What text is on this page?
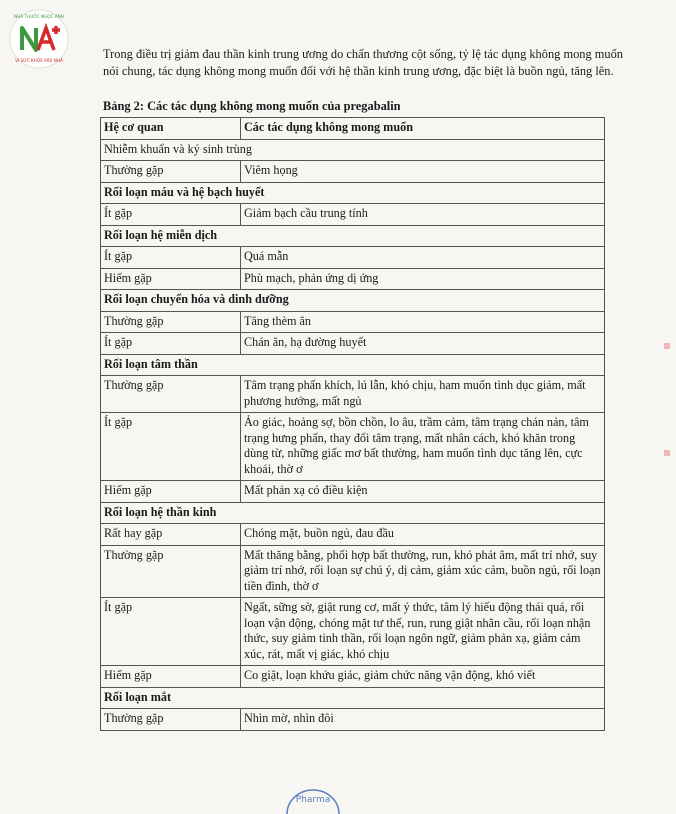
NHÀ THUỐC NGỌC ANH
VÌ SỨC KHỎE MỌI NHÀ	Trong điều trị giảm đau thần kinh trung ương do chấn thương cột sống, tỷ lệ tác dụng không mong muốn nói chung, tác dụng không mong muốn đối với hệ thần kinh trung ương, đặc biệt là buồn ngủ, tăng lên.
Bảng 2: Các tác dụng không mong muốn của pregabalin
Hệ cơ quan	Các tác dụng không mong muốn
Nhiễm khuẩn và ký sinh trùng	
Thường gặp	Viêm họng
Rối loạn máu và hệ bạch huyết	
Ít gặp	Giảm bạch cầu trung tính
Rối loạn hệ miễn dịch	
Ít gặp	Quá mẫn
Hiếm gặp	Phù mạch, phản ứng dị ứng
Rối loạn chuyển hóa và dinh dưỡng	
Thường gặp	Tăng thèm ăn
Ít gặp	Chán ăn, hạ đường huyết
Rối loạn tâm thần	
Thường gặp	Tâm trạng phấn khích, lú lẫn, khó chịu, ham muốn tình dục giảm, mất phương hướng, mất ngủ
Ít gặp	Ảo giác, hoảng sợ, bồn chồn, lo âu, trầm cảm, tâm trạng chán nản, tâm trạng hưng phấn, thay đổi tâm trạng, mất nhân cách, khó khăn trong dùng từ, những giấc mơ bất thường, ham muốn tình dục tăng lên, cực khoái, thờ ơ
Hiếm gặp	Mất phản xạ có điều kiện
Rối loạn hệ thần kinh	
Rất hay gặp	Chóng mặt, buồn ngủ, đau đầu
Thường gặp	Mất thăng bằng, phối hợp bất thường, run, khó phát âm, mất trí nhớ, suy giảm trí nhớ, rối loạn sự chú ý, dị cảm, giảm xúc cảm, buồn ngủ, rối loạn tiền đình, thờ ơ
Ít gặp	Ngất, sững sờ, giật rung cơ, mất ý thức, tâm lý hiếu động thái quá, rối loạn vận động, chóng mặt tư thế, run, rung giật nhãn cầu, rối loạn nhận thức, suy giảm tinh thần, rối loạn ngôn ngữ, giảm phản xạ, giảm cảm xúc, rát, mất vị giác, khó chịu
Hiếm gặp	Co giật, loạn khứu giác, giảm chức năng vận động, khó viết
Rối loạn mắt	
Thường gặp	Nhìn mờ, nhìn đôi
Pharma
